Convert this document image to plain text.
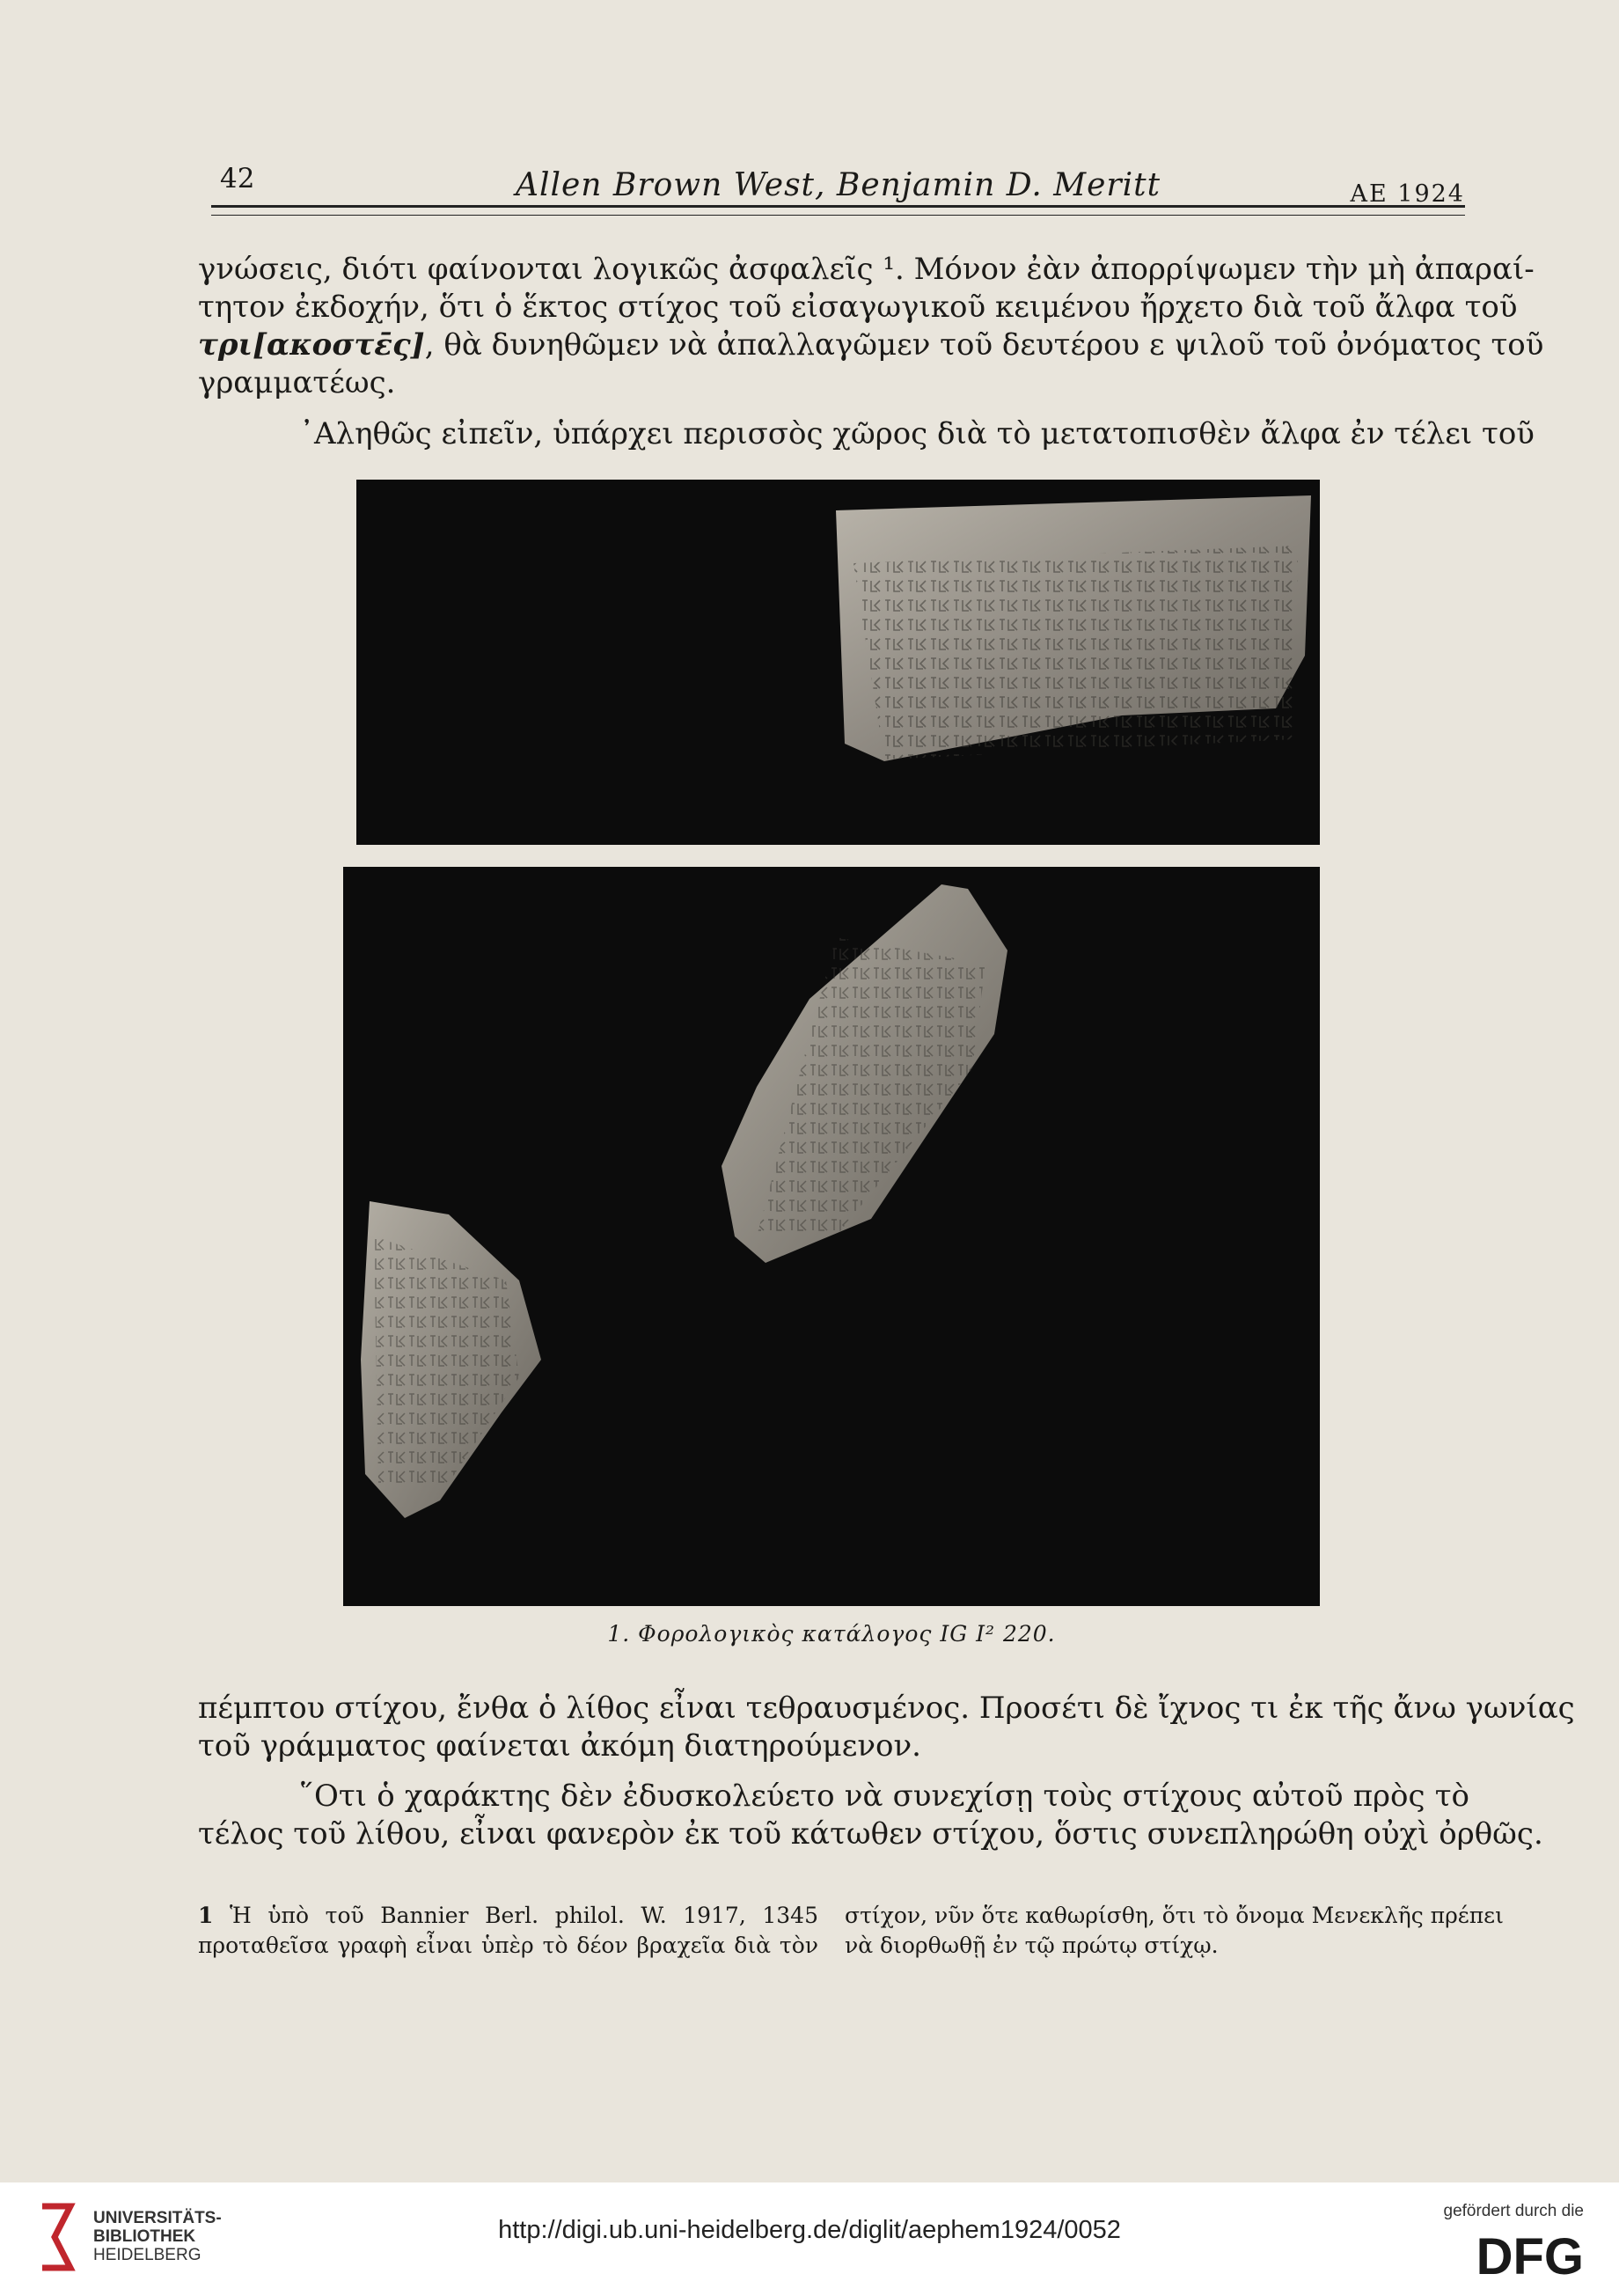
42	Allen Brown West, Benjamin D. Meritt	ΑΕ 1924

γνώσεις, διότι φαίνονται λογικῶς ἀσφαλεῖς ¹. Μόνον ἐὰν ἀπορρίψωμεν τὴν μὴ ἀπαραί-
τητον ἐκδοχήν, ὅτι ὁ ἕκτος στίχος τοῦ εἰσαγωγικοῦ κειμένου ἤρχετο διὰ τοῦ ἄλφα τοῦ
τρι[ακοστε̄ς], θὰ δυνηθῶμεν νὰ ἀπαλλαγῶμεν τοῦ δευτέρου ε ψιλοῦ τοῦ ὀνόματος τοῦ
γραμματέως.

᾿Αληθῶς εἰπεῖν, ὑπάρχει περισσὸς χῶρος διὰ τὸ μετατοπισθὲν ἄλφα ἐν τέλει τοῦ

1. Φορολογικὸς κατάλογος IG I² 220.

πέμπτου στίχου, ἔνθα ὁ λίθος εἶναι τεθραυσμένος. Προσέτι δὲ ἴχνος τι ἐκ τῆς ἄνω γωνίας
τοῦ γράμματος φαίνεται ἀκόμη διατηρούμενον.

῞Οτι ὁ χαράκτης δὲν ἐδυσκολεύετο νὰ συνεχίσῃ τοὺς στίχους αὐτοῦ πρὸς τὸ
τέλος τοῦ λίθου, εἶναι φανερὸν ἐκ τοῦ κάτωθεν στίχου, ὅστις συνεπληρώθη οὐχὶ ὀρθῶς.

1 Ἡ ὑπὸ τοῦ Bannier Berl. philol. W. 1917, 1345
προταθεῖσα γραφὴ εἶναι ὑπὲρ τὸ δέον βραχεῖα διὰ τὸν
στίχον, νῦν ὅτε καθωρίσθη, ὅτι τὸ ὄνομα Μενεκλῆς πρέπει
νὰ διορθωθῇ ἐν τῷ πρώτῳ στίχῳ.
UNIVERSITÄTS-
BIBLIOTHEK
HEIDELBERG
http://digi.ub.uni-heidelberg.de/diglit/aephem1924/0052
gefördert durch die
DFG
